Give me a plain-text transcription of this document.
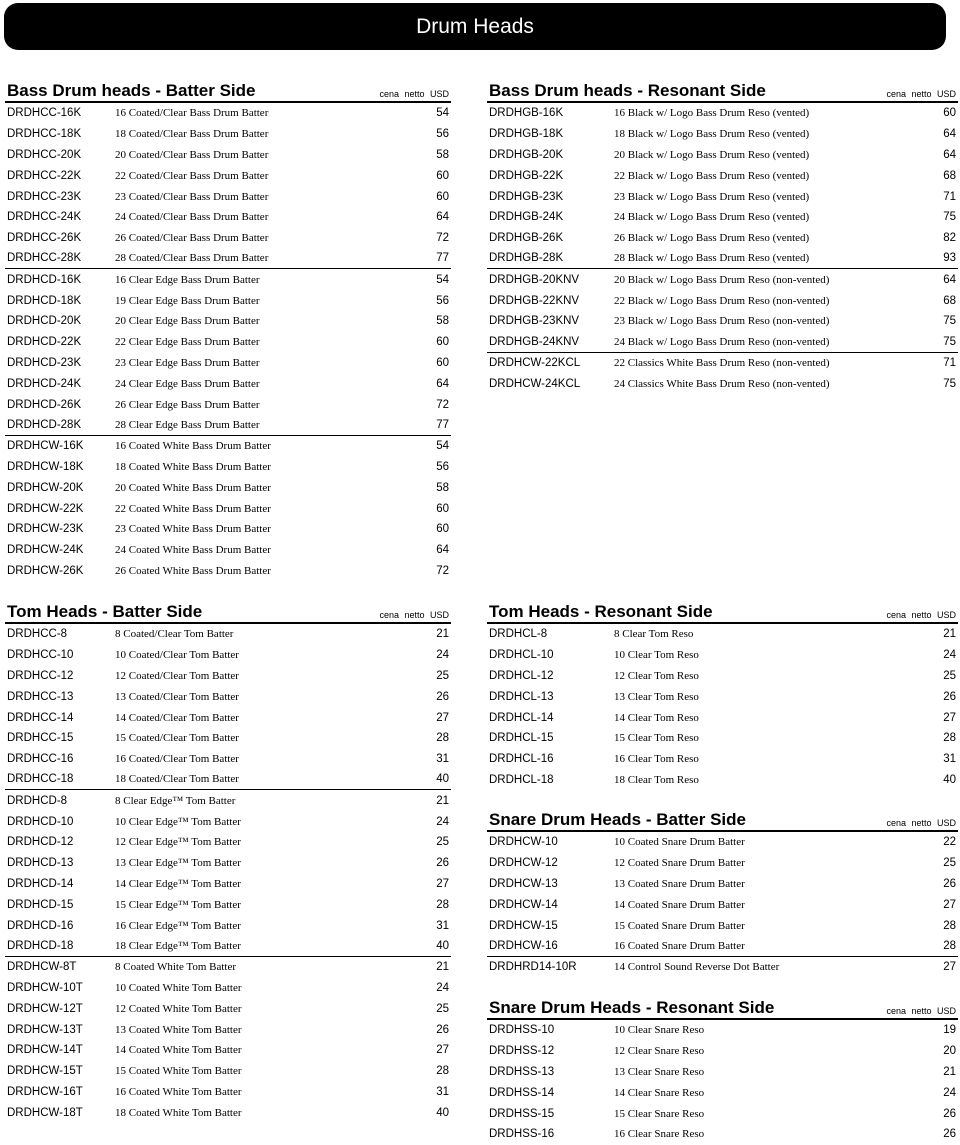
Drum Heads
Bass Drum heads - Batter Side	cena netto USD
DRDHCC-16K	16 Coated/Clear Bass Drum Batter	54
DRDHCC-18K	18 Coated/Clear Bass Drum Batter	56
DRDHCC-20K	20 Coated/Clear Bass Drum Batter	58
DRDHCC-22K	22 Coated/Clear Bass Drum Batter	60
DRDHCC-23K	23 Coated/Clear Bass Drum Batter	60
DRDHCC-24K	24 Coated/Clear Bass Drum Batter	64
DRDHCC-26K	26 Coated/Clear Bass Drum Batter	72
DRDHCC-28K	28 Coated/Clear Bass Drum Batter	77
DRDHCD-16K	16 Clear Edge Bass Drum Batter	54
DRDHCD-18K	19 Clear Edge Bass Drum Batter	56
DRDHCD-20K	20 Clear Edge Bass Drum Batter	58
DRDHCD-22K	22 Clear Edge Bass Drum Batter	60
DRDHCD-23K	23 Clear Edge Bass Drum Batter	60
DRDHCD-24K	24 Clear Edge Bass Drum Batter	64
DRDHCD-26K	26 Clear Edge Bass Drum Batter	72
DRDHCD-28K	28 Clear Edge Bass Drum Batter	77
DRDHCW-16K	16 Coated White Bass Drum Batter	54
DRDHCW-18K	18 Coated White Bass Drum Batter	56
DRDHCW-20K	20 Coated White Bass Drum Batter	58
DRDHCW-22K	22 Coated White Bass Drum Batter	60
DRDHCW-23K	23 Coated White Bass Drum Batter	60
DRDHCW-24K	24 Coated White Bass Drum Batter	64
DRDHCW-26K	26 Coated White Bass Drum Batter	72
Bass Drum heads - Resonant Side	cena netto USD
DRDHGB-16K	16 Black w/ Logo Bass Drum Reso (vented)	60
DRDHGB-18K	18 Black w/ Logo Bass Drum Reso (vented)	64
DRDHGB-20K	20 Black w/ Logo Bass Drum Reso (vented)	64
DRDHGB-22K	22 Black w/ Logo Bass Drum Reso (vented)	68
DRDHGB-23K	23 Black w/ Logo Bass Drum Reso (vented)	71
DRDHGB-24K	24 Black w/ Logo Bass Drum Reso (vented)	75
DRDHGB-26K	26 Black w/ Logo Bass Drum Reso (vented)	82
DRDHGB-28K	28 Black w/ Logo Bass Drum Reso (vented)	93
DRDHGB-20KNV	20 Black w/ Logo Bass Drum Reso (non-vented)	64
DRDHGB-22KNV	22 Black w/ Logo Bass Drum Reso (non-vented)	68
DRDHGB-23KNV	23 Black w/ Logo Bass Drum Reso (non-vented)	75
DRDHGB-24KNV	24 Black w/ Logo Bass Drum Reso (non-vented)	75
DRDHCW-22KCL	22 Classics White Bass Drum Reso (non-vented)	71
DRDHCW-24KCL	24 Classics White Bass Drum Reso (non-vented)	75
Tom Heads - Batter Side	cena netto USD
DRDHCC-8	8 Coated/Clear Tom Batter	21
DRDHCC-10	10 Coated/Clear Tom Batter	24
DRDHCC-12	12 Coated/Clear Tom Batter	25
DRDHCC-13	13 Coated/Clear Tom Batter	26
DRDHCC-14	14 Coated/Clear Tom Batter	27
DRDHCC-15	15 Coated/Clear Tom Batter	28
DRDHCC-16	16 Coated/Clear Tom Batter	31
DRDHCC-18	18 Coated/Clear Tom Batter	40
DRDHCD-8	8 Clear Edge™ Tom Batter	21
DRDHCD-10	10 Clear Edge™ Tom Batter	24
DRDHCD-12	12 Clear Edge™ Tom Batter	25
DRDHCD-13	13 Clear Edge™ Tom Batter	26
DRDHCD-14	14 Clear Edge™ Tom Batter	27
DRDHCD-15	15 Clear Edge™ Tom Batter	28
DRDHCD-16	16 Clear Edge™ Tom Batter	31
DRDHCD-18	18 Clear Edge™ Tom Batter	40
DRDHCW-8T	8 Coated White Tom Batter	21
DRDHCW-10T	10 Coated White Tom Batter	24
DRDHCW-12T	12 Coated White Tom Batter	25
DRDHCW-13T	13 Coated White Tom Batter	26
DRDHCW-14T	14 Coated White Tom Batter	27
DRDHCW-15T	15 Coated White Tom Batter	28
DRDHCW-16T	16 Coated White Tom Batter	31
DRDHCW-18T	18 Coated White Tom Batter	40
Tom Heads - Resonant Side	cena netto USD
DRDHCL-8	8 Clear Tom Reso	21
DRDHCL-10	10 Clear Tom Reso	24
DRDHCL-12	12 Clear Tom Reso	25
DRDHCL-13	13 Clear Tom Reso	26
DRDHCL-14	14 Clear Tom Reso	27
DRDHCL-15	15 Clear Tom Reso	28
DRDHCL-16	16 Clear Tom Reso	31
DRDHCL-18	18 Clear Tom Reso	40
Snare Drum Heads - Batter Side	cena netto USD
DRDHCW-10	10 Coated Snare Drum Batter	22
DRDHCW-12	12 Coated Snare Drum Batter	25
DRDHCW-13	13 Coated Snare Drum Batter	26
DRDHCW-14	14 Coated Snare Drum Batter	27
DRDHCW-15	15 Coated Snare Drum Batter	28
DRDHCW-16	16 Coated Snare Drum Batter	28
DRDHRD14-10R	14 Control Sound Reverse Dot Batter	27
Snare Drum Heads - Resonant Side	cena netto USD
DRDHSS-10	10 Clear Snare Reso	19
DRDHSS-12	12 Clear Snare Reso	20
DRDHSS-13	13 Clear Snare Reso	21
DRDHSS-14	14 Clear Snare Reso	24
DRDHSS-15	15 Clear Snare Reso	26
DRDHSS-16	16 Clear Snare Reso	26
